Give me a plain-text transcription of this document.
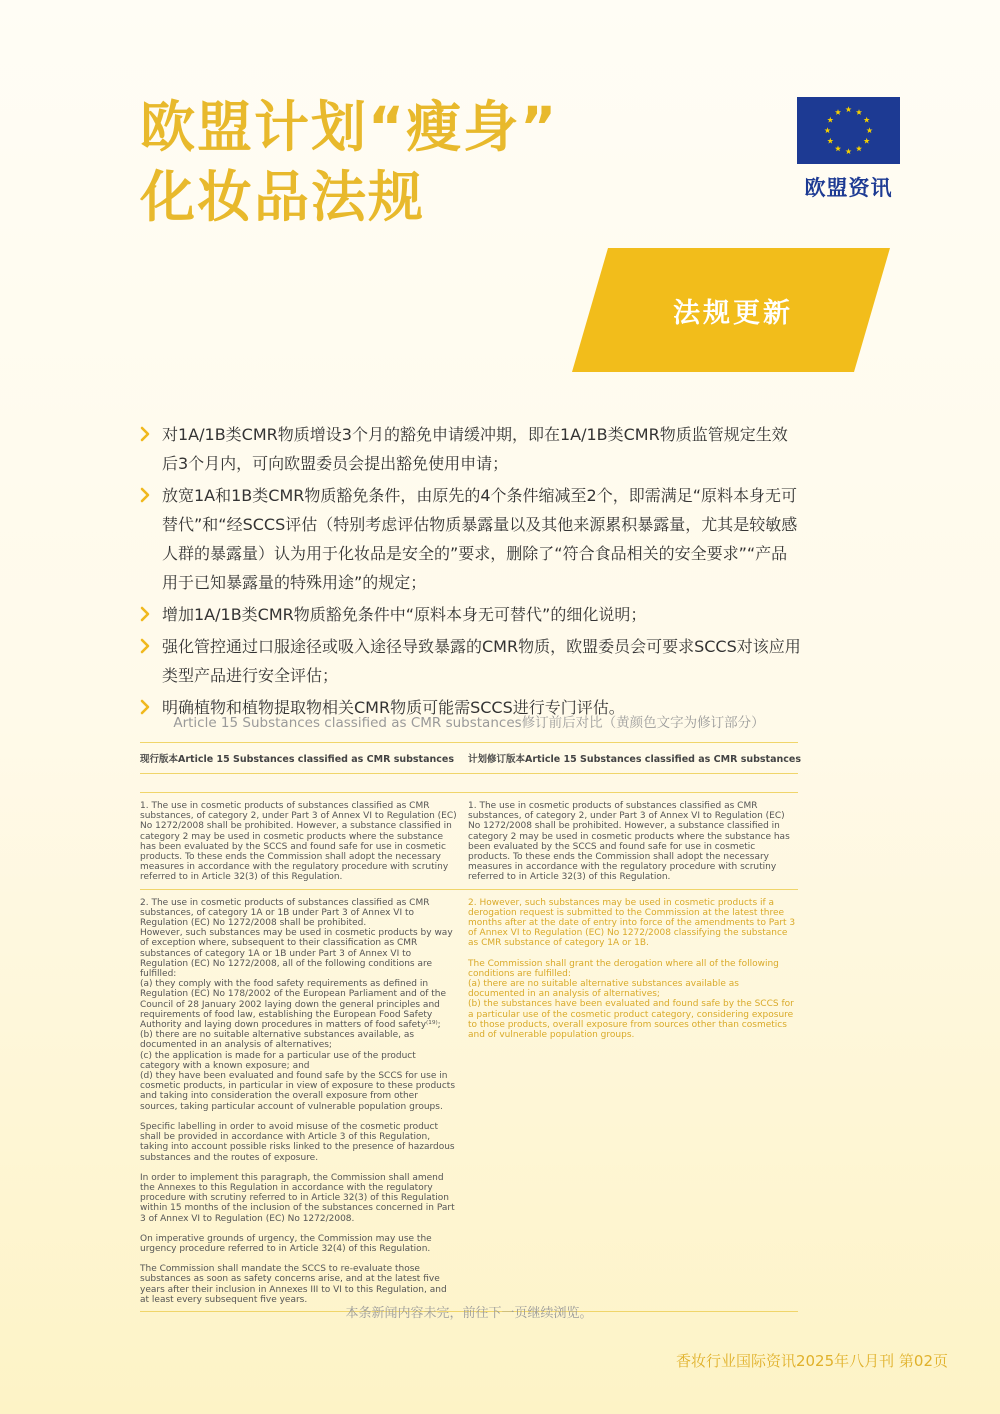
欧盟计划“瘦身”
化妆品法规	欧盟资讯
法规更新
对1A/1B类CMR物质增设3个月的豁免申请缓冲期，即在1A/1B类CMR物质监管规定生效后3个月内，可向欧盟委员会提出豁免使用申请；
放宽1A和1B类CMR物质豁免条件，由原先的4个条件缩减至2个，即需满足“原料本身无可替代”和“经SCCS评估（特别考虑评估物质暴露量以及其他来源累积暴露量，尤其是较敏感人群的暴露量）认为用于化妆品是安全的”要求，删除了“符合食品相关的安全要求”“产品用于已知暴露量的特殊用途”的规定；
增加1A/1B类CMR物质豁免条件中“原料本身无可替代”的细化说明；
强化管控通过口服途径或吸入途径导致暴露的CMR物质，欧盟委员会可要求SCCS对该应用类型产品进行安全评估；
明确植物和植物提取物相关CMR物质可能需SCCS进行专门评估。
Article 15 Substances classified as CMR substances修订前后对比（黄颜色文字为修订部分）
现行版本Article 15 Substances classified as CMR substances	计划修订版本Article 15 Substances classified as CMR substances

1. The use in cosmetic products of substances classified as CMR substances, of category 2, under Part 3 of Annex VI to Regulation (EC) No 1272/2008 shall be prohibited. However, a substance classified in category 2 may be used in cosmetic products where the substance has been evaluated by the SCCS and found safe for use in cosmetic products. To these ends the Commission shall adopt the necessary measures in accordance with the regulatory procedure with scrutiny referred to in Article 32(3) of this Regulation.

1. The use in cosmetic products of substances classified as CMR substances, of category 2, under Part 3 of Annex VI to Regulation (EC) No 1272/2008 shall be prohibited. However, a substance classified in category 2 may be used in cosmetic products where the substance has been evaluated by the SCCS and found safe for use in cosmetic products. To these ends the Commission shall adopt the necessary measures in accordance with the regulatory procedure with scrutiny referred to in Article 32(3) of this Regulation.

2. The use in cosmetic products of substances classified as CMR substances, of category 1A or 1B under Part 3 of Annex VI to Regulation (EC) No 1272/2008 shall be prohibited.
However, such substances may be used in cosmetic products by way of exception where, subsequent to their classification as CMR substances of category 1A or 1B under Part 3 of Annex VI to Regulation (EC) No 1272/2008, all of the following conditions are fulfilled:
(a) they comply with the food safety requirements as defined in Regulation (EC) No 178/2002 of the European Parliament and of the Council of 28 January 2002 laying down the general principles and requirements of food law, establishing the European Food Safety Authority and laying down procedures in matters of food safety⁽¹⁹⁾;
(b) there are no suitable alternative substances available, as documented in an analysis of alternatives;
(c) the application is made for a particular use of the product category with a known exposure; and
(d) they have been evaluated and found safe by the SCCS for use in cosmetic products, in particular in view of exposure to these products and taking into consideration the overall exposure from other sources, taking particular account of vulnerable population groups.

Specific labelling in order to avoid misuse of the cosmetic product shall be provided in accordance with Article 3 of this Regulation, taking into account possible risks linked to the presence of hazardous substances and the routes of exposure.

In order to implement this paragraph, the Commission shall amend the Annexes to this Regulation in accordance with the regulatory procedure with scrutiny referred to in Article 32(3) of this Regulation within 15 months of the inclusion of the substances concerned in Part 3 of Annex VI to Regulation (EC) No 1272/2008.

On imperative grounds of urgency, the Commission may use the urgency procedure referred to in Article 32(4) of this Regulation.

The Commission shall mandate the SCCS to re-evaluate those substances as soon as safety concerns arise, and at the latest five years after their inclusion in Annexes III to VI to this Regulation, and at least every subsequent five years.

2. However, such substances may be used in cosmetic products if a derogation request is submitted to the Commission at the latest three months after at the date of entry into force of the amendments to Part 3 of Annex VI to Regulation (EC) No 1272/2008 classifying the substance as CMR substance of category 1A or 1B.

The Commission shall grant the derogation where all of the following conditions are fulfilled:
(a) there are no suitable alternative substances available as documented in an analysis of alternatives;
(b) the substances have been evaluated and found safe by the SCCS for a particular use of the cosmetic product category, considering exposure to those products, overall exposure from sources other than cosmetics and of vulnerable population groups.

本条新闻内容未完，前往下一页继续浏览。
香妆行业国际资讯2025年八月刊 第02页
